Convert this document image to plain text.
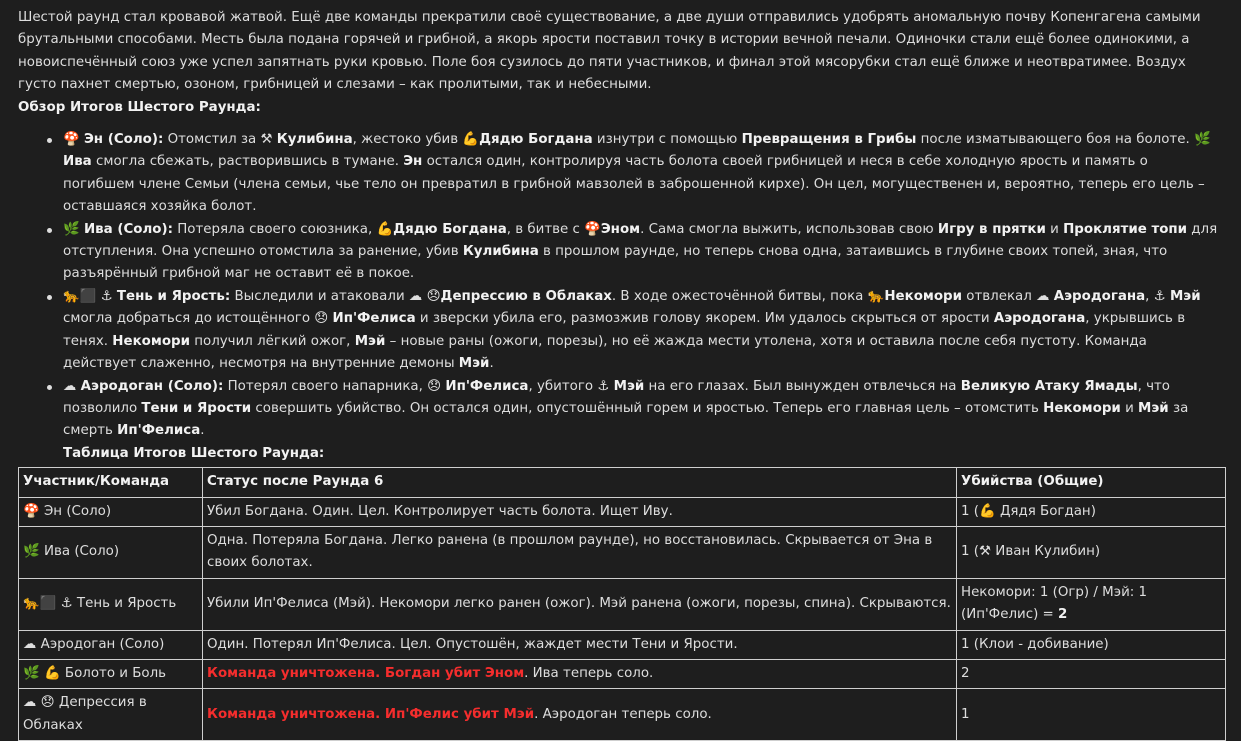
Шестой раунд стал кровавой жатвой. Ещё две команды прекратили своё существование, а две души отправились удобрять аномальную почву Копенгагена самыми брутальными способами. Месть была подана горячей и грибной, а якорь ярости поставил точку в истории вечной печали. Одиночки стали ещё более одинокими, а новоиспечённый союз уже успел запятнать руки кровью. Поле боя сузилось до пяти участников, и финал этой мясорубки стал ещё ближе и неотвратимее. Воздух густо пахнет смертью, озоном, грибницей и слезами – как пролитыми, так и небесными.

Обзор Итогов Шестого Раунда:

🍄 Эн (Соло): Отомстил за ⚒ Кулибина, жестоко убив 💪Дядю Богдана изнутри с помощью Превращения в Грибы после изматывающего боя на болоте. 🌿 Ива смогла сбежать, растворившись в тумане. Эн остался один, контролируя часть болота своей грибницей и неся в себе холодную ярость и память о погибшем члене Семьи (члена семьи, чье тело он превратил в грибной мавзолей в заброшенной кирхе). Он цел, могущественен и, вероятно, теперь его цель – оставшаяся хозяйка болот.
🌿 Ива (Соло): Потеряла своего союзника, 💪Дядю Богдана, в битве с 🍄Эном. Сама смогла выжить, использовав свою Игру в прятки и Проклятие топи для отступления. Она успешно отомстила за ранение, убив Кулибина в прошлом раунде, но теперь снова одна, затаившись в глубине своих топей, зная, что разъярённый грибной маг не оставит её в покое.
🐆⬛ ⚓ Тень и Ярость: Выследили и атаковали ☁ 😞Депрессию в Облаках. В ходе ожесточённой битвы, пока 🐆Некомори отвлекал ☁ Аэродогана, ⚓ Мэй смогла добраться до истощённого 😞 Ип'Фелиса и зверски убила его, размозжив голову якорем. Им удалось скрыться от ярости Аэродогана, укрывшись в тенях. Некомори получил лёгкий ожог, Мэй – новые раны (ожоги, порезы), но её жажда мести утолена, хотя и оставила после себя пустоту. Команда действует слаженно, несмотря на внутренние демоны Мэй.
☁ Аэродоган (Соло): Потерял своего напарника, 😞 Ип'Фелиса, убитого ⚓ Мэй на его глазах. Был вынужден отвлечься на Великую Атаку Ямады, что позволило Тени и Ярости совершить убийство. Он остался один, опустошённый горем и яростью. Теперь его главная цель – отомстить Некомори и Мэй за смерть Ип'Фелиса.

Таблица Итогов Шестого Раунда:

Участник/Команда	Статус после Раунда 6	Убийства (Общие)
🍄 Эн (Соло)	Убил Богдана. Один. Цел. Контролирует часть болота. Ищет Иву.	1 (💪 Дядя Богдан)
🌿 Ива (Соло)	Одна. Потеряла Богдана. Легко ранена (в прошлом раунде), но восстановилась. Скрывается от Эна в своих болотах.	1 (⚒ Иван Кулибин)
🐆⬛ ⚓ Тень и Ярость	Убили Ип'Фелиса (Мэй). Некомори легко ранен (ожог). Мэй ранена (ожоги, порезы, спина). Скрываются.	Некомори: 1 (Огр) / Мэй: 1 (Ип'Фелис) = 2
☁ Аэродоган (Соло)	Один. Потерял Ип'Фелиса. Цел. Опустошён, жаждет мести Тени и Ярости.	1 (Клои - добивание)
🌿 💪 Болото и Боль	Команда уничтожена. Богдан убит Эном. Ива теперь соло.	2
☁ 😞 Депрессия в Облаках	Команда уничтожена. Ип'Фелис убит Мэй. Аэродоган теперь соло.	1
